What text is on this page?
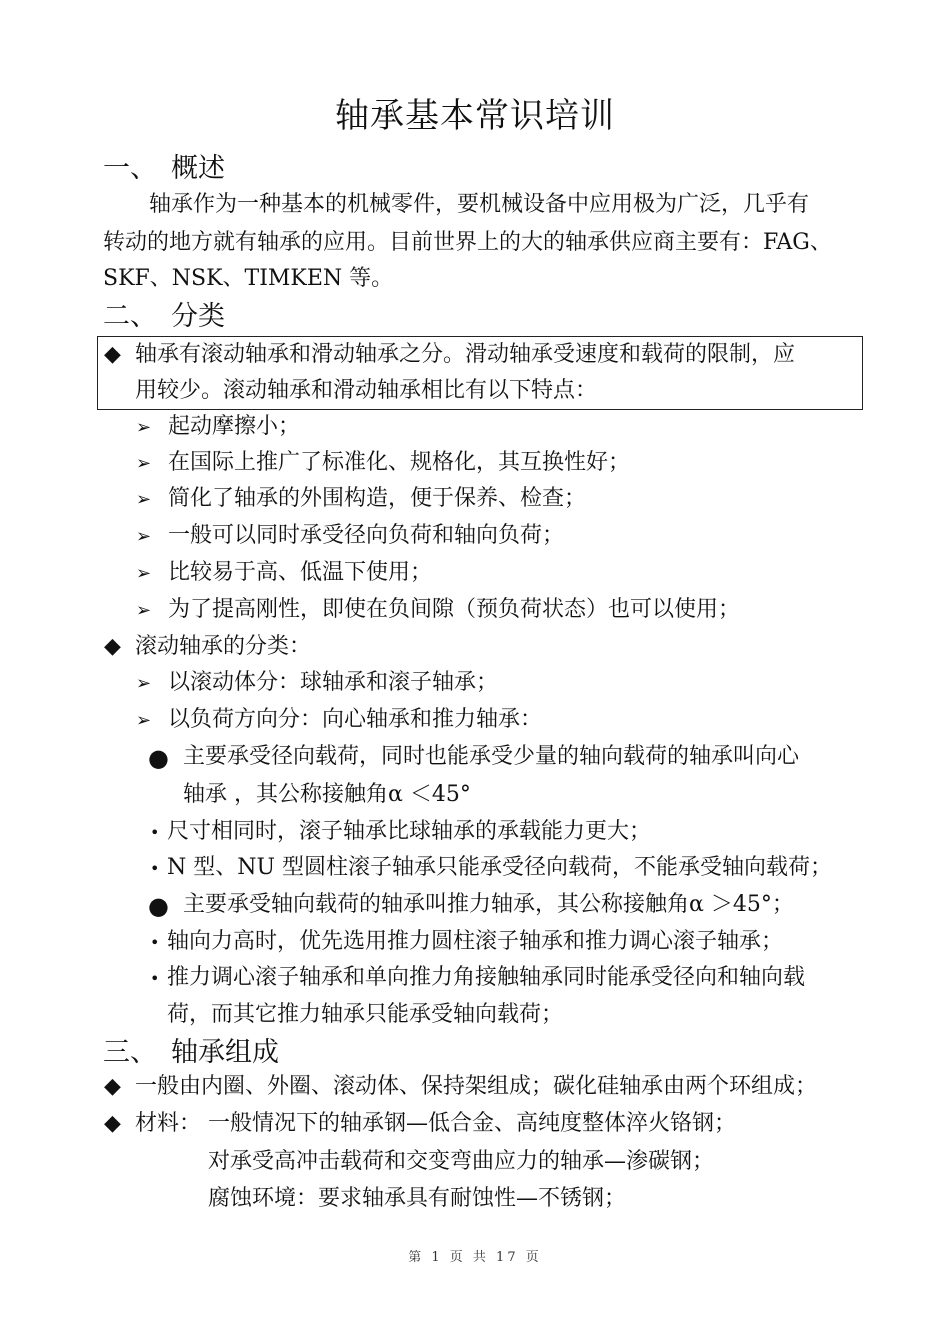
轴承基本常识培训
一、 概述
轴承作为一种基本的机械零件，要机械设备中应用极为广泛，几乎有
转动的地方就有轴承的应用。目前世界上的大的轴承供应商主要有：FAG、
SKF、NSK、TIMKEN 等。
二、 分类
◆ 轴承有滚动轴承和滑动轴承之分。滑动轴承受速度和载荷的限制，应
用较少。滚动轴承和滑动轴承相比有以下特点：
➢ 起动摩擦小；
➢ 在国际上推广了标准化、规格化，其互换性好；
➢ 简化了轴承的外围构造，便于保养、检查；
➢ 一般可以同时承受径向负荷和轴向负荷；
➢ 比较易于高、低温下使用；
➢ 为了提高刚性，即使在负间隙（预负荷状态）也可以使用；
◆ 滚动轴承的分类：
➢ 以滚动体分：球轴承和滚子轴承；
➢ 以负荷方向分：向心轴承和推力轴承：
● 主要承受径向载荷，同时也能承受少量的轴向载荷的轴承叫向心
轴承 ，其公称接触角α ＜45°
• 尺寸相同时，滚子轴承比球轴承的承载能力更大；
• N 型、NU 型圆柱滚子轴承只能承受径向载荷，不能承受轴向载荷；
● 主要承受轴向载荷的轴承叫推力轴承，其公称接触角α ＞45°；
• 轴向力高时，优先选用推力圆柱滚子轴承和推力调心滚子轴承；
• 推力调心滚子轴承和单向推力角接触轴承同时能承受径向和轴向载
荷，而其它推力轴承只能承受轴向载荷；
三、 轴承组成
◆ 一般由内圈、外圈、滚动体、保持架组成；碳化硅轴承由两个环组成；
◆ 材料： 一般情况下的轴承钢—低合金、高纯度整体淬火铬钢；
对承受高冲击载荷和交变弯曲应力的轴承—渗碳钢；
腐蚀环境：要求轴承具有耐蚀性—不锈钢；
第 1 页 共 17 页
